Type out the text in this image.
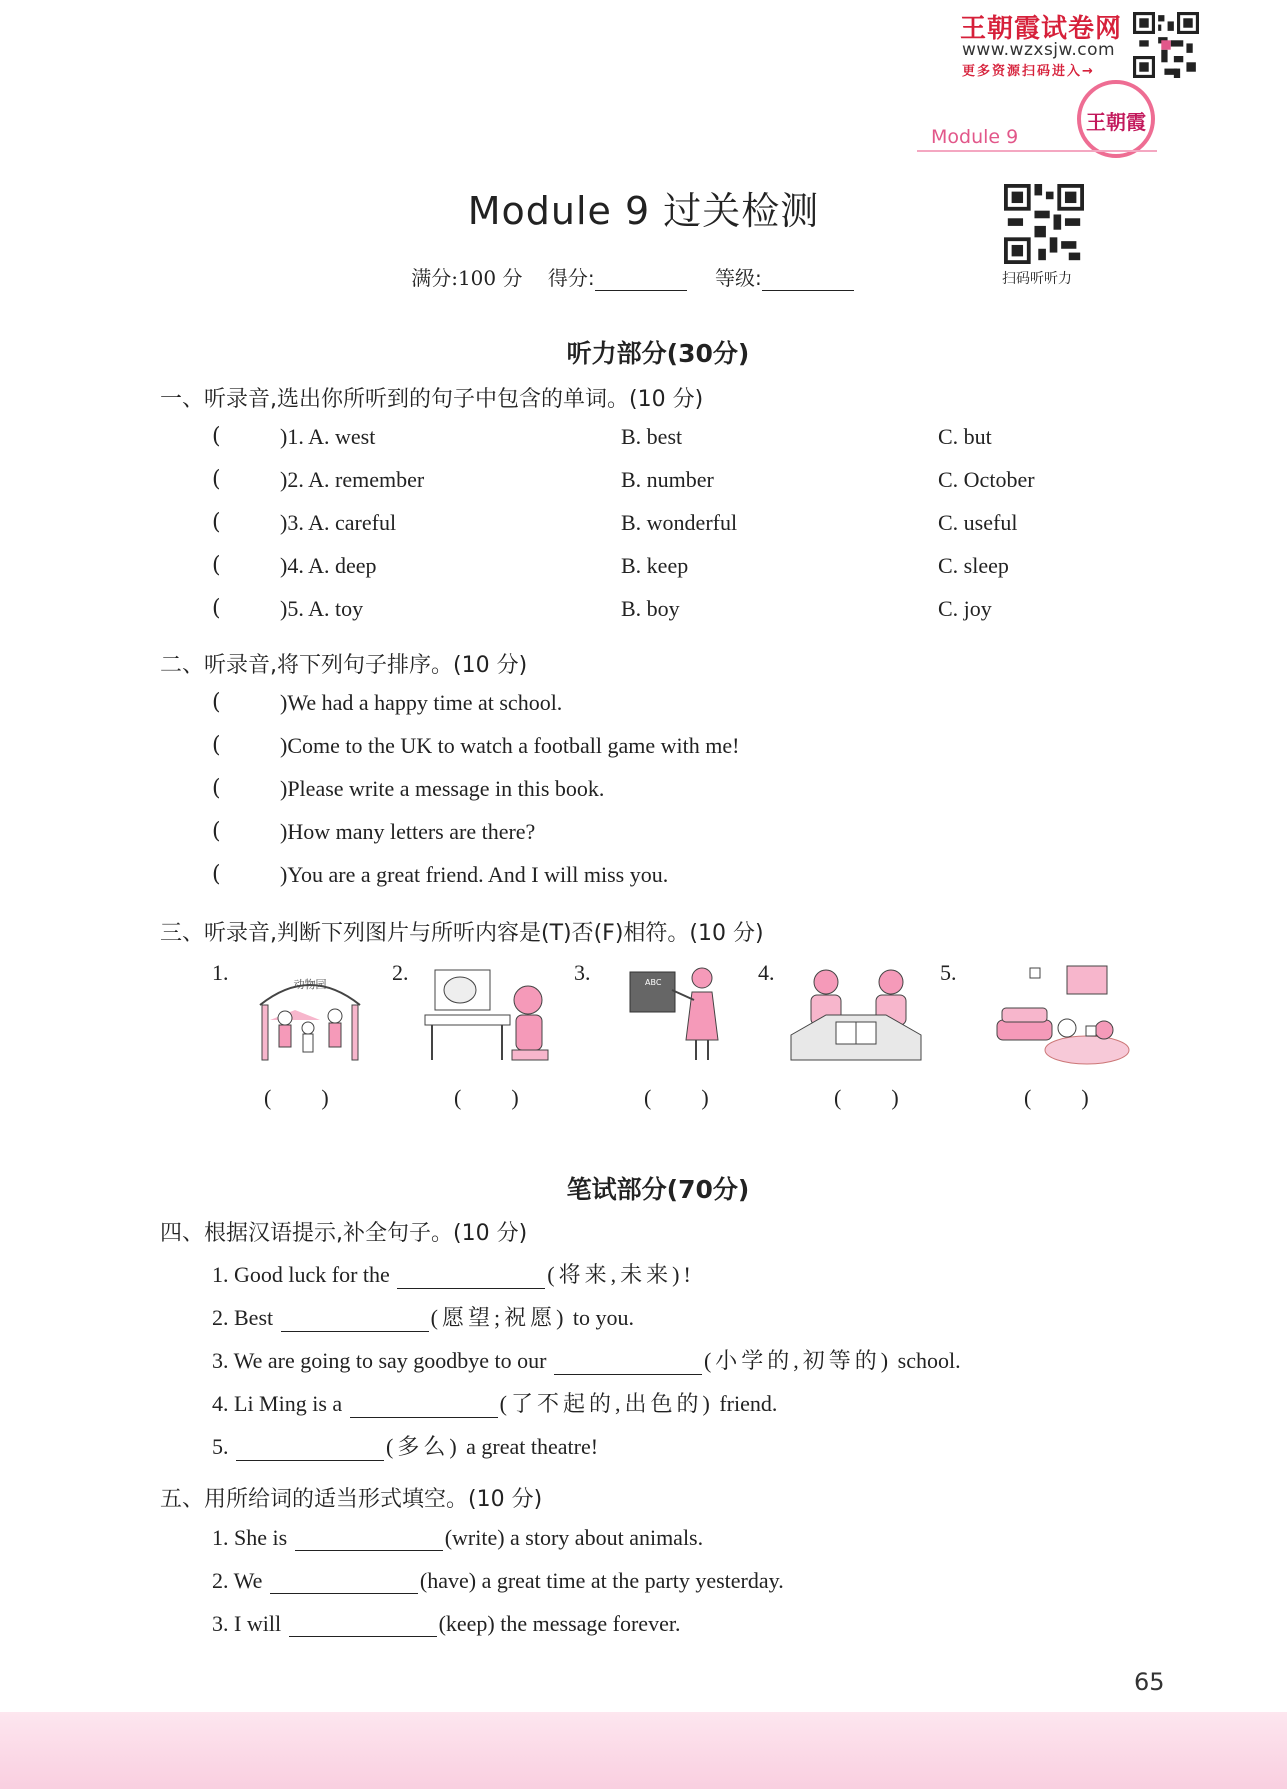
王朝霞试卷网
www.wzxsjw.com
更多资源扫码进入→
王朝霞
Module 9
Module 9 过关检测
满分:100 分 得分:	等级:	扫码听听力
听力部分(30分)
一、听录音,选出你所听到的句子中包含的单词。(10 分)
(	)1. A. west	B. best	C. but
(	)2. A. remember	B. number	C. October
(	)3. A. careful	B. wonderful	C. useful
(	)4. A. deep	B. keep	C. sleep
(	)5. A. toy	B. boy	C. joy
二、听录音,将下列句子排序。(10 分)
(	)We had a happy time at school.
(	)Come to the UK to watch a football game with me!
(	)Please write a message in this book.
(	)How many letters are there?
(	)You are a great friend. And I will miss you.
三、听录音,判断下列图片与所听内容是(T)否(F)相符。(10 分)
1.	动物园
()
2.
()
3.	ABC
()
4.
()
5.
()
笔试部分(70分)
四、根据汉语提示,补全句子。(10 分)
1. Good luck for the	(将来,未来)!
2. Best	(愿望;祝愿) to you.
3. We are going to say goodbye to our	(小学的,初等的) school.
4. Li Ming is a	(了不起的,出色的) friend.
5.	(多么) a great theatre!
五、用所给词的适当形式填空。(10 分)
1. She is	(write) a story about animals.
2. We	(have) a great time at the party yesterday.
3. I will	(keep) the message forever.
65
